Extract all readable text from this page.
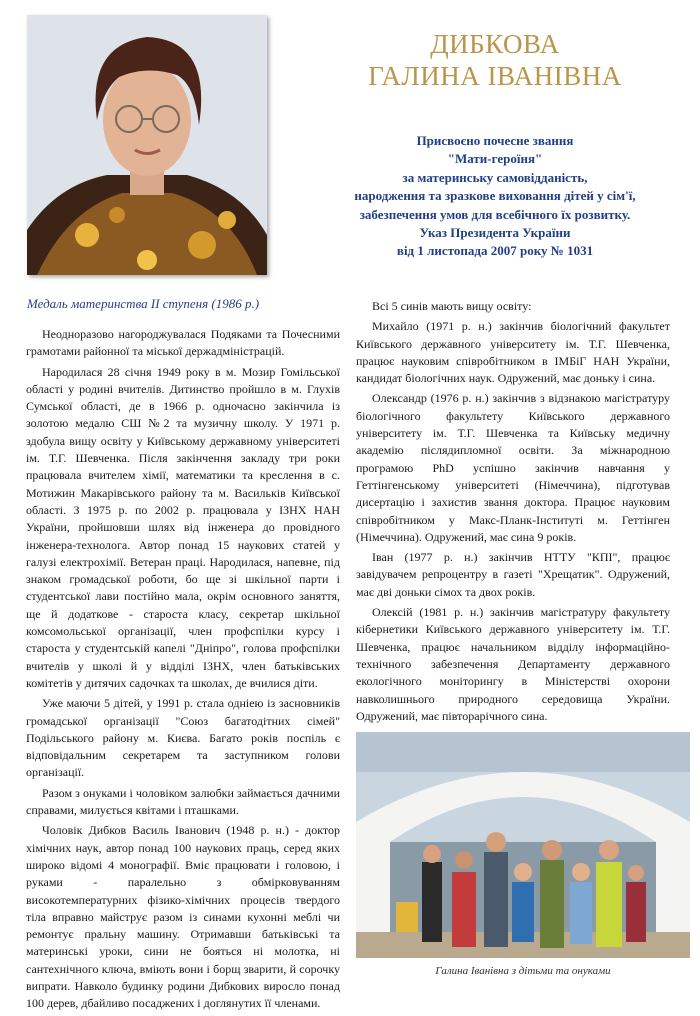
ДИБКОВА
ГАЛИНА ІВАНІВНА
Присвоєно почесне звання
"Мати-героїня"
за материнську самовідданість,
народження та зразкове виховання дітей у сім'ї,
забезпечення умов для всебічного їх розвитку.
Указ Президента України
від 1 листопада 2007 року № 1031
Медаль материнства II ступеня (1986 р.)

Неодноразово нагороджувалася Подяками та Почесними грамотами районної та міської держадміністрацій.

Народилася 28 січня 1949 року в м. Мозир Гомільської області у родині вчителів. Дитинство пройшло в м. Глухів Сумської області, де в 1966 р. одночасно закінчила із золотою медалю СШ №2 та музичну школу. У 1971 р. здобула вищу освіту у Київському державному університеті ім. Т.Г. Шевченка. Після закінчення закладу три роки працювала вчителем хімії, математики та креслення в с. Мотижин Макарівського району та м. Васильків Київської області. З 1975 р. по 2002 р. працювала у ІЗНХ НАН України, пройшовши шлях від інженера до провідного інженера-технолога. Автор понад 15 наукових статей у галузі електрохімії. Ветеран праці. Народилася, напевне, під знаком громадської роботи, бо ще зі шкільної парти і студентської лави постійно мала, окрім основного заняття, ще й додаткове - староста класу, секретар шкільної комсомольської організації, член профспілки курсу і староста у студентській капелі "Дніпро", голова профспілки вчителів у школі й у відділі ІЗНХ, член батьківських комітетів у дитячих садочках та школах, де вчилися діти.

Уже маючи 5 дітей, у 1991 р. стала одніею із засновників громадської організації "Союз багатодітних сімей" Подільського району м. Києва. Багато років поспіль є відповідальним секретарем та заступником голови організації.

Разом з онуками і чоловіком залюбки займається дачними справами, милується квітами і пташками.

Чоловік Дибков Василь Іванович (1948 р. н.) - доктор хімічних наук, автор понад 100 наукових праць, серед яких широко відомі 4 монографії. Вміє працювати і головою, і руками - паралельно з обмірковуванням високотемпературних фізико-хімічних процесів твердого тіла вправно майструє разом із синами кухонні меблі чи ремонтує пральну машину. Отримавши батьківські та материнські уроки, сини не бояться ні молотка, ні сантехнічного ключа, вміють вони і борщ зварити, й сорочку випрати. Навколо будинку родини Дибкових виросло понад 100 дерев, дбайливо посаджених і доглянутих її членами.

Всі 5 синів мають вищу освіту:

Михайло (1971 р. н.) закінчив біологічний факультет Київського державного університету ім. Т.Г. Шевченка, працює науковим співробітником в ІМБіГ НАН України, кандидат біологічних наук. Одружений, має доньку і сина.

Олександр (1976 р. н.) закінчив з відзнакою магістратуру біологічного факультету Київського державного університету ім. Т.Г. Шевченка та Київську медичну академію післядипломної освіти. За міжнародною програмою PhD успішно закінчив навчання у Геттінгенському університеті (Німеччина), підготував дисертацію і захистив звання доктора. Працює науковим співробітником у Макс-Планк-Інституті м. Геттінген (Німеччина). Одружений, має сина 9 років.

Іван (1977 р. н.) закінчив НТТУ "КПІ", працює завідувачем репроцентру в газеті "Хрещатик". Одружений, має дві доньки сімох та двох років.

Олексій (1981 р. н.) закінчив магістратуру факультету кібернетики Київського державного університету ім. Т.Г. Шевченка, працює начальником відділу інформаційно-технічного забезпечення Департаменту державного екологічного моніторингу в Міністерстві охорони навколишнього природного середовища України. Одружений, має півторарічного сина.

Галина Іванівна з дітьми та онуками
